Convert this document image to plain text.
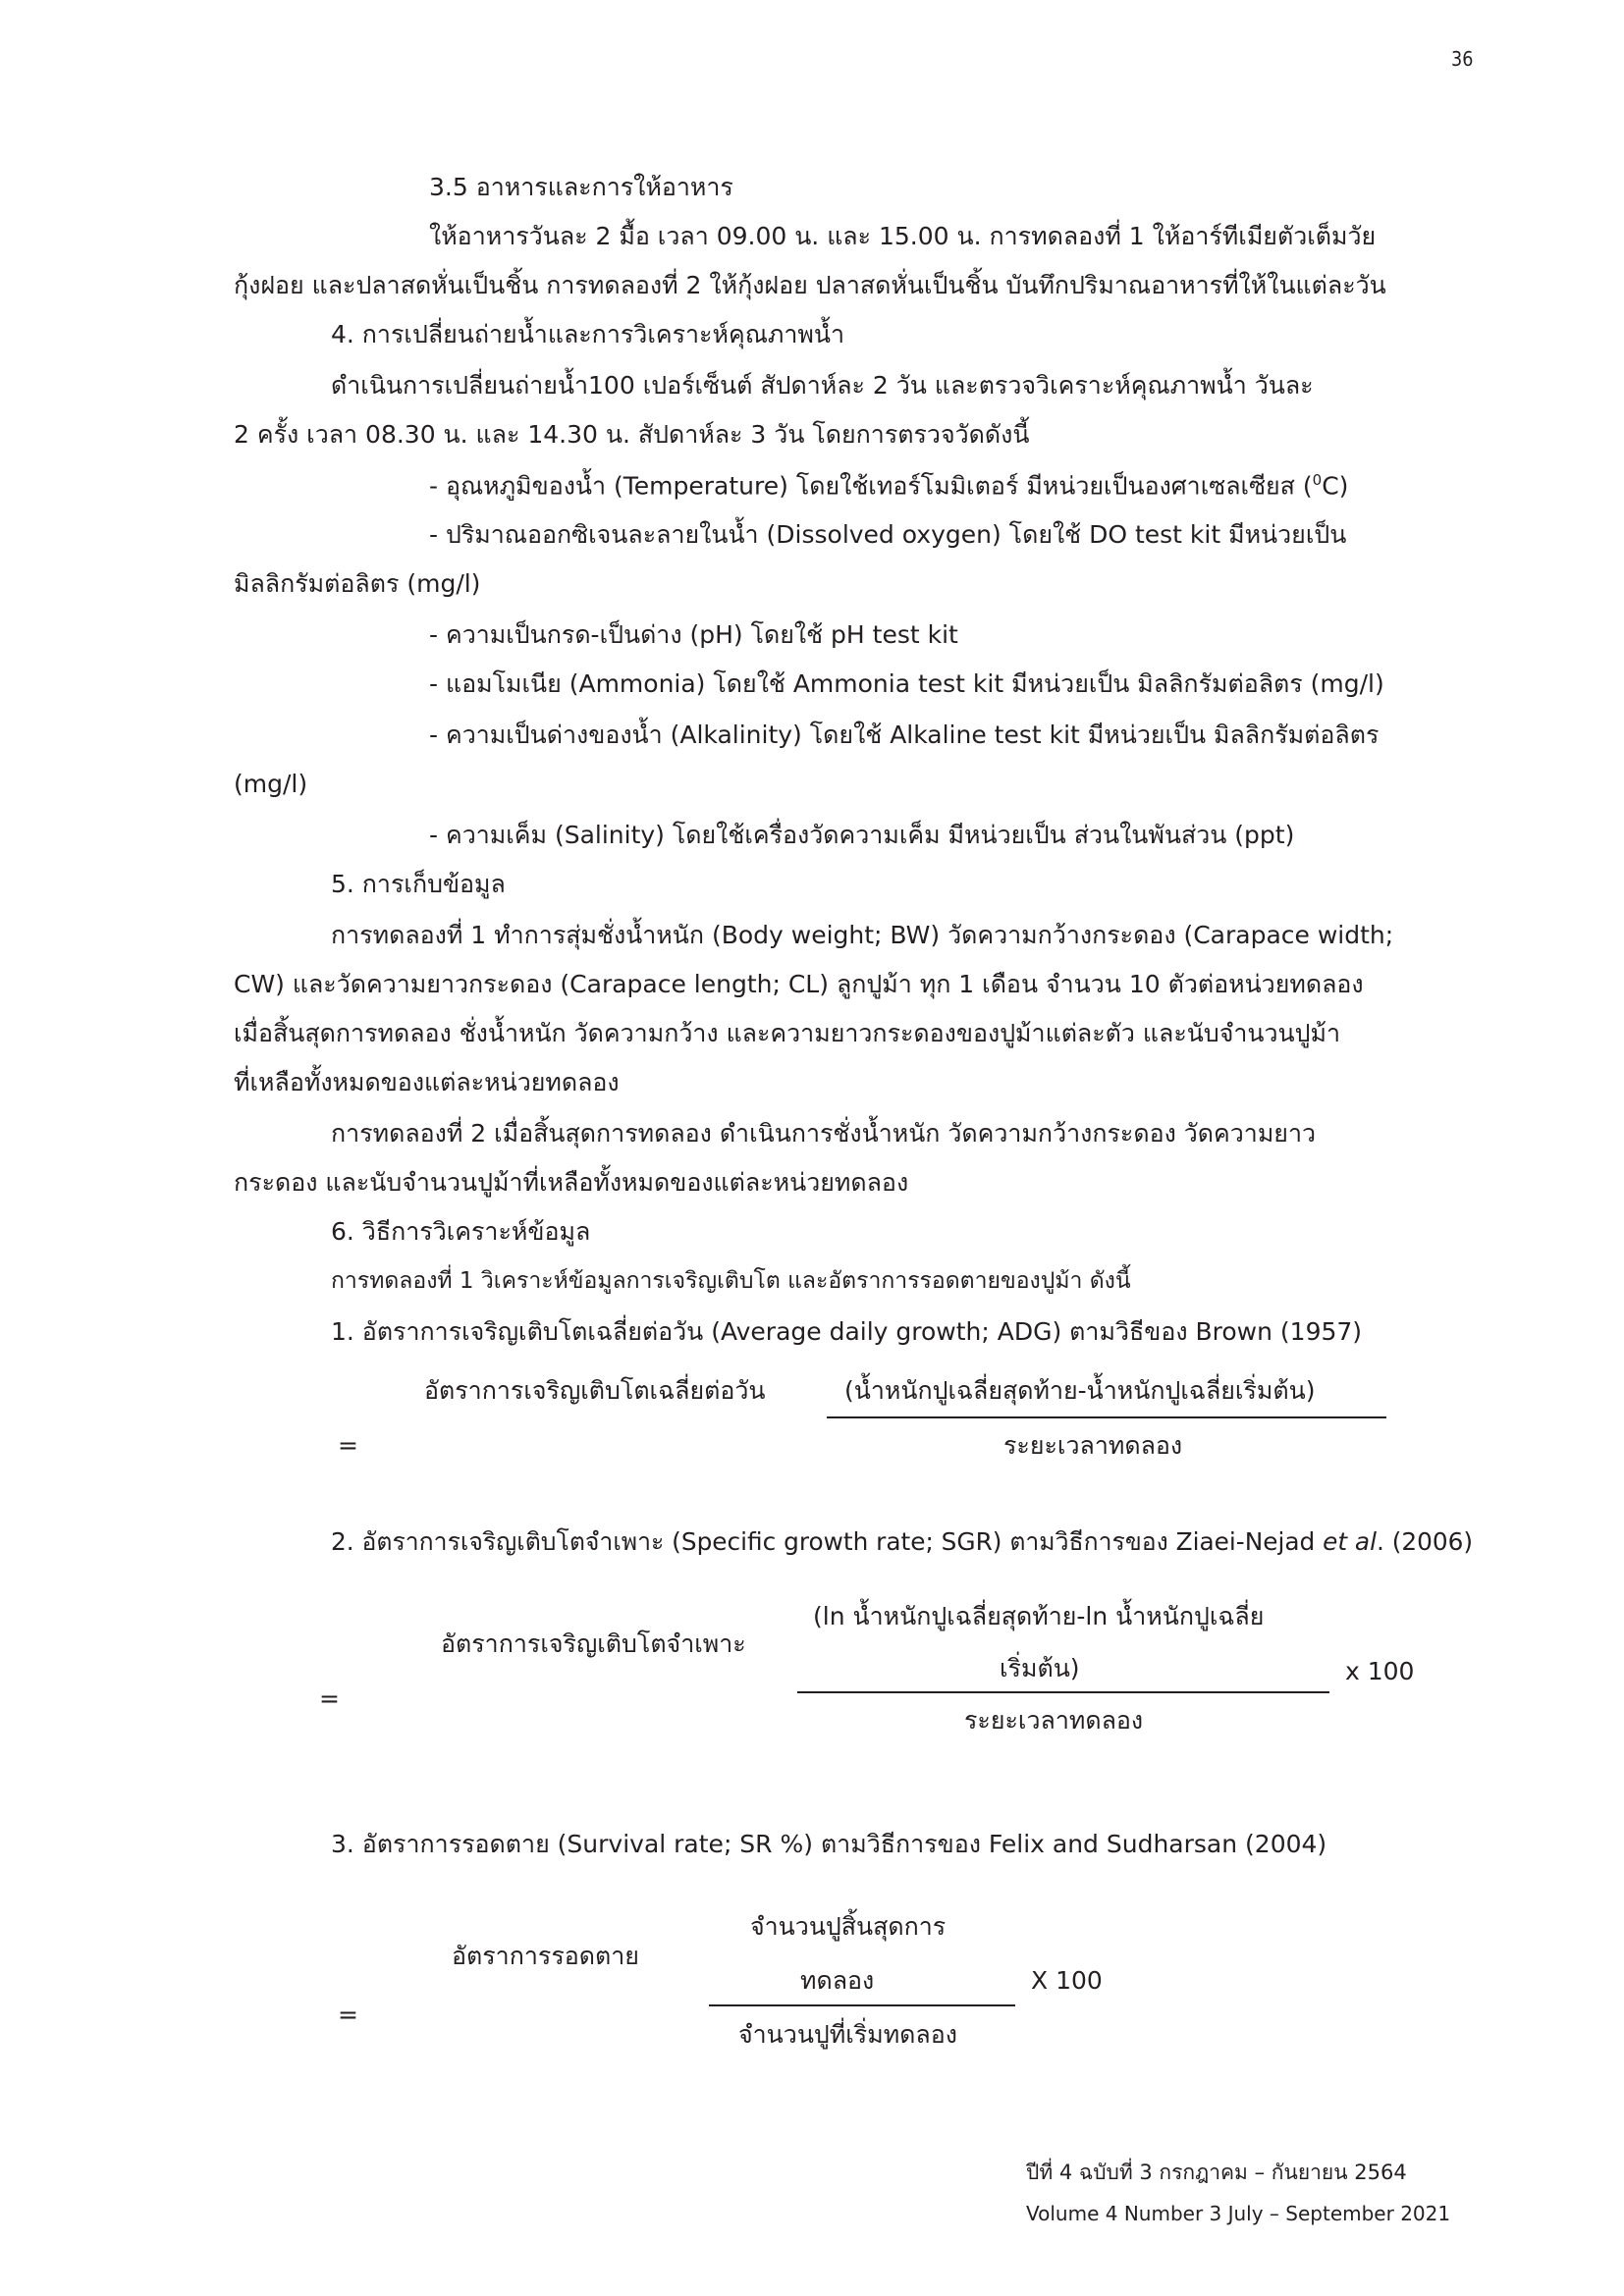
36
3.5 อาหารและการให้อาหาร
ให้อาหารวันละ 2 มื้อ เวลา 09.00 น. และ 15.00 น. การทดลองที่ 1 ให้อาร์ทีเมียตัวเต็มวัย
กุ้งฝอย และปลาสดหั่นเป็นชิ้น การทดลองที่ 2 ให้กุ้งฝอย ปลาสดหั่นเป็นชิ้น บันทึกปริมาณอาหารที่ให้ในแต่ละวัน
4. การเปลี่ยนถ่ายน้ำและการวิเคราะห์คุณภาพน้ำ
ดำเนินการเปลี่ยนถ่ายน้ำ100 เปอร์เซ็นต์ สัปดาห์ละ 2 วัน และตรวจวิเคราะห์คุณภาพน้ำ วันละ
2 ครั้ง เวลา 08.30 น. และ 14.30 น. สัปดาห์ละ 3 วัน โดยการตรวจวัดดังนี้
- อุณหภูมิของน้ำ (Temperature) โดยใช้เทอร์โมมิเตอร์ มีหน่วยเป็นองศาเซลเซียส ($^0$C)
- ปริมาณออกซิเจนละลายในน้ำ (Dissolved oxygen) โดยใช้ DO test kit มีหน่วยเป็น
มิลลิกรัมต่อลิตร (mg/l)
- ความเป็นกรด-เป็นด่าง (pH) โดยใช้ pH test kit
- แอมโมเนีย (Ammonia) โดยใช้ Ammonia test kit มีหน่วยเป็น มิลลิกรัมต่อลิตร (mg/l)
- ความเป็นด่างของน้ำ (Alkalinity) โดยใช้ Alkaline test kit มีหน่วยเป็น มิลลิกรัมต่อลิตร
(mg/l)
- ความเค็ม (Salinity) โดยใช้เครื่องวัดความเค็ม มีหน่วยเป็น ส่วนในพันส่วน (ppt)
5. การเก็บข้อมูล
การทดลองที่ 1 ทำการสุ่มชั่งน้ำหนัก (Body weight; BW) วัดความกว้างกระดอง (Carapace width;
CW) และวัดความยาวกระดอง (Carapace length; CL) ลูกปูม้า ทุก 1 เดือน จำนวน 10 ตัวต่อหน่วยทดลอง
เมื่อสิ้นสุดการทดลอง ชั่งน้ำหนัก วัดความกว้าง และความยาวกระดองของปูม้าแต่ละตัว และนับจำนวนปูม้า
ที่เหลือทั้งหมดของแต่ละหน่วยทดลอง
การทดลองที่ 2 เมื่อสิ้นสุดการทดลอง ดำเนินการชั่งน้ำหนัก วัดความกว้างกระดอง วัดความยาว
กระดอง และนับจำนวนปูม้าที่เหลือทั้งหมดของแต่ละหน่วยทดลอง
6. วิธีการวิเคราะห์ข้อมูล
การทดลองที่ 1 วิเคราะห์ข้อมูลการเจริญเติบโต และอัตราการรอดตายของปูม้า ดังนี้
1. อัตราการเจริญเติบโตเฉลี่ยต่อวัน (Average daily growth; ADG) ตามวิธีของ Brown (1957)
อัตราการเจริญเติบโตเฉลี่ยต่อวัน	(น้ำหนักปูเฉลี่ยสุดท้าย-น้ำหนักปูเฉลี่ยเริ่มต้น)
=	ระยะเวลาทดลอง
2. อัตราการเจริญเติบโตจำเพาะ (Specific growth rate; SGR) ตามวิธีการของ Ziaei-Nejad et al. (2006)
(ln น้ำหนักปูเฉลี่ยสุดท้าย-ln น้ำหนักปูเฉลี่ย
อัตราการเจริญเติบโตจำเพาะ
เริ่มต้น)	x 100
=
ระยะเวลาทดลอง
3. อัตราการรอดตาย (Survival rate; SR %) ตามวิธีการของ Felix and Sudharsan (2004)
จำนวนปูสิ้นสุดการ
อัตราการรอดตาย
ทดลอง	X 100
=
จำนวนปูที่เริ่มทดลอง
ปีที่ 4 ฉบับที่ 3 กรกฎาคม – กันยายน 2564
Volume 4 Number 3 July – September 2021
